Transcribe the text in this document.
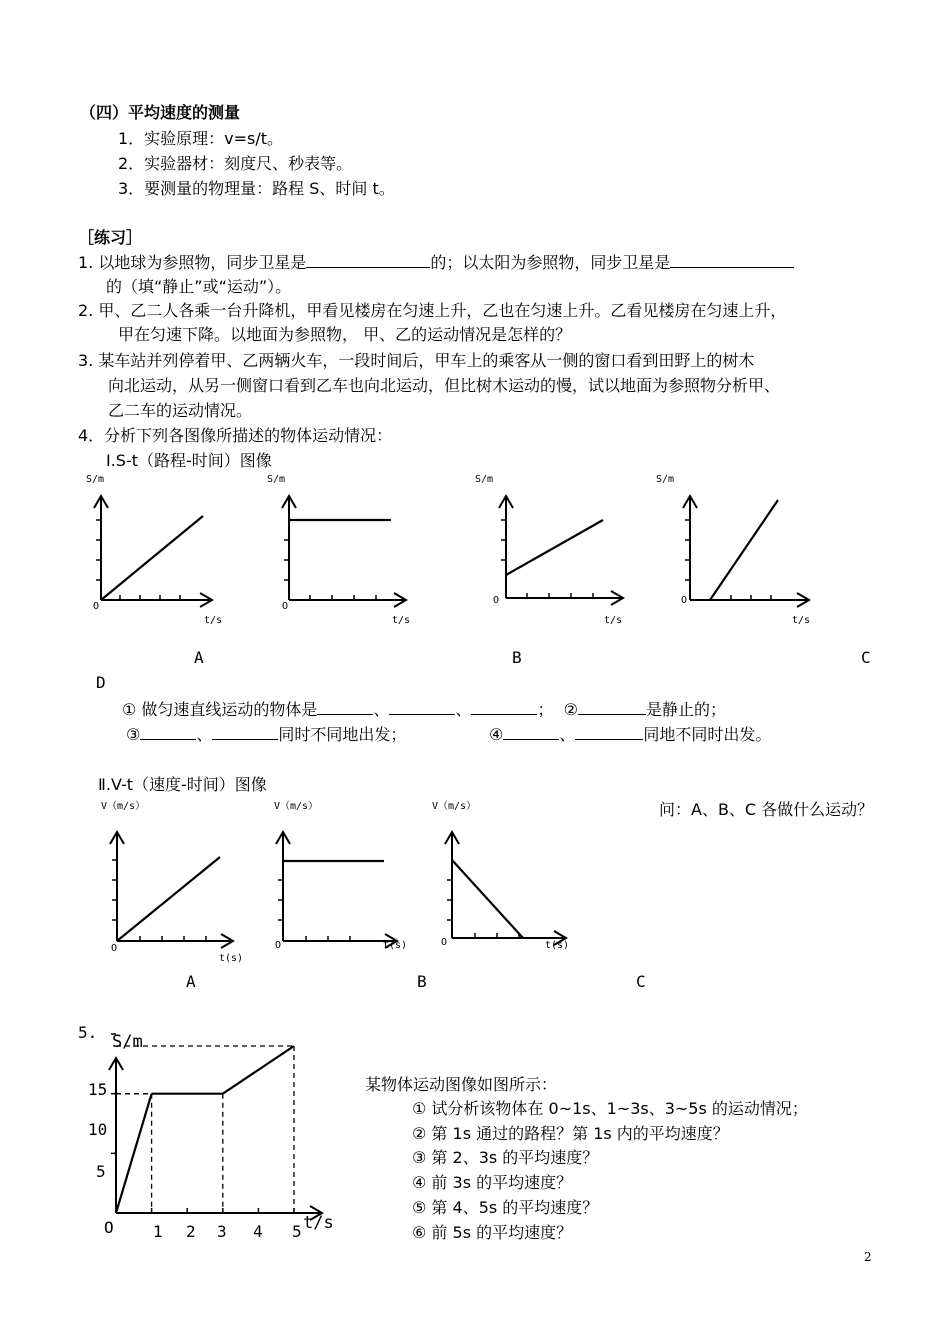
（四）平均速度的测量
1．实验原理：v=s/t。
2．实验器材：刻度尺、秒表等。
3．要测量的物理量：路程 S、时间 t。
［练习］
1. 以地球为参照物，同步卫星是	的；以太阳为参照物，同步卫星是
的（填“静止”或“运动”）。
2. 甲、乙二人各乘一台升降机，甲看见楼房在匀速上升，乙也在匀速上升。乙看见楼房在匀速上升，
甲在匀速下降。以地面为参照物， 甲、乙的运动情况是怎样的？
3. 某车站并列停着甲、乙两辆火车，一段时间后，甲车上的乘客从一侧的窗口看到田野上的树木
向北运动，从另一侧窗口看到乙车也向北运动，但比树木运动的慢，试以地面为参照物分析甲、
乙二车的运动情况。
4．分析下列各图像所描述的物体运动情况：
Ⅰ.S-t（路程-时间）图像
S/m
O
t/s
S/m
O
t/s
S/m
O
t/s
S/m
O
t/s
A	B	C
D
① 做匀速直线运动的物体是	、	、	；  ②	是静止的；
③	、	同时不同地出发；	④	、	同地不同时出发。
Ⅱ.V-t（速度-时间）图像
问：A、B、C 各做什么运动？
V（m/s）
O
t(s)
V（m/s）
O	t(s)
V（m/s）
O	t(s)
A	B	C
5. S/m
t/s
O
15
10
5
1 2 3 4 5
某物体运动图像如图所示：
① 试分析该物体在 0~1s、1~3s、3~5s 的运动情况；
② 第 1s 通过的路程？第 1s 内的平均速度？
③ 第 2、3s 的平均速度？
④ 前 3s 的平均速度？
⑤ 第 4、5s 的平均速度？
⑥ 前 5s 的平均速度？
2
